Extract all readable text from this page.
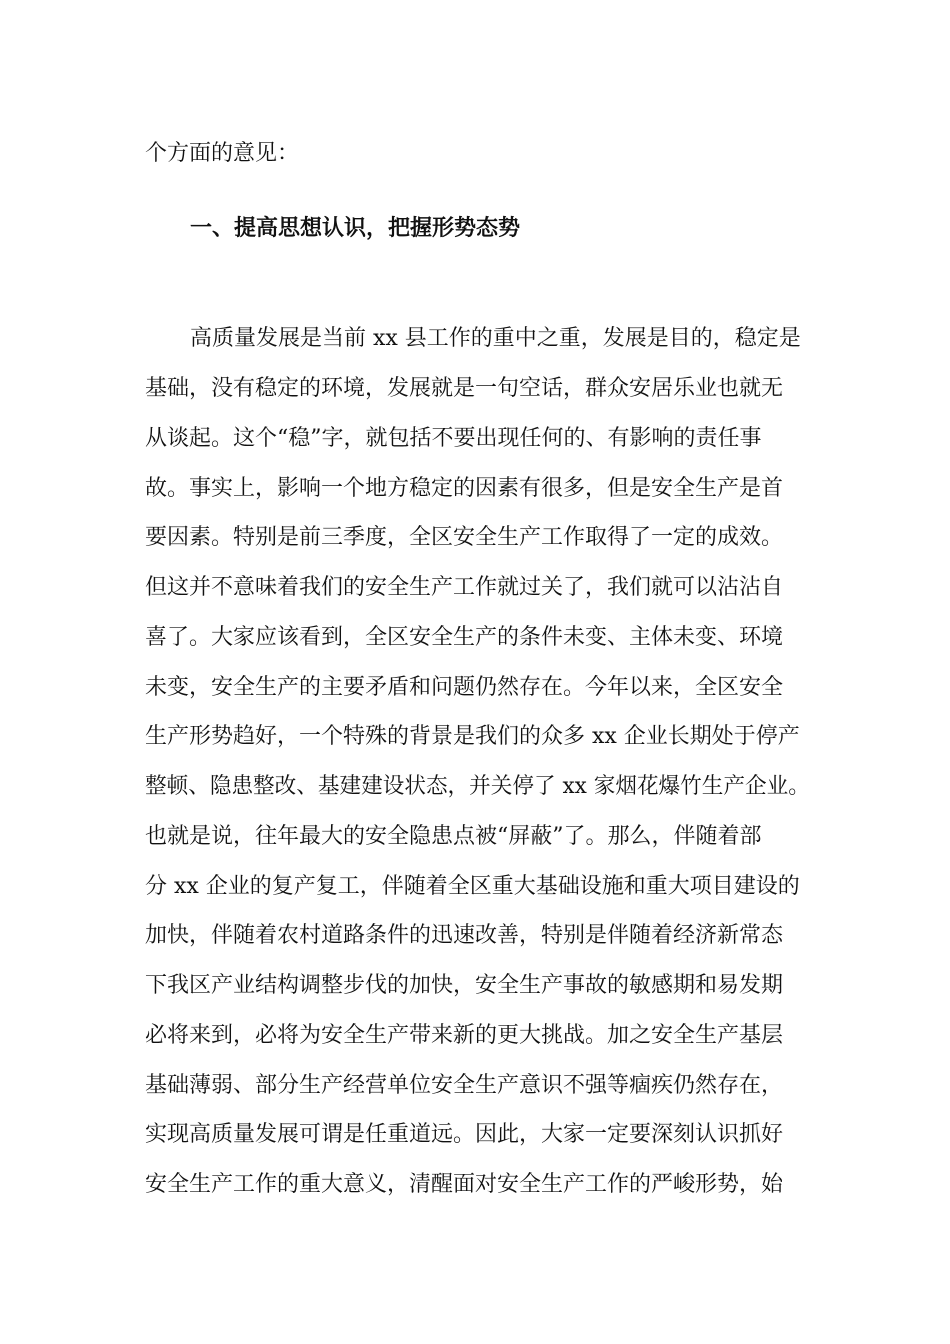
个方面的意见：
一、提高思想认识，把握形势态势
高质量发展是当前 xx 县工作的重中之重，发展是目的，稳定是
基础，没有稳定的环境，发展就是一句空话，群众安居乐业也就无
从谈起。这个“稳”字，就包括不要出现任何的、有影响的责任事
故。事实上，影响一个地方稳定的因素有很多，但是安全生产是首
要因素。特别是前三季度，全区安全生产工作取得了一定的成效。
但这并不意味着我们的安全生产工作就过关了，我们就可以沾沾自
喜了。大家应该看到，全区安全生产的条件未变、主体未变、环境
未变，安全生产的主要矛盾和问题仍然存在。今年以来，全区安全
生产形势趋好，一个特殊的背景是我们的众多 xx 企业长期处于停产
整顿、隐患整改、基建建设状态，并关停了 xx 家烟花爆竹生产企业。
也就是说，往年最大的安全隐患点被“屏蔽”了。那么，伴随着部
分 xx 企业的复产复工，伴随着全区重大基础设施和重大项目建设的
加快，伴随着农村道路条件的迅速改善，特别是伴随着经济新常态
下我区产业结构调整步伐的加快，安全生产事故的敏感期和易发期
必将来到，必将为安全生产带来新的更大挑战。加之安全生产基层
基础薄弱、部分生产经营单位安全生产意识不强等痼疾仍然存在，
实现高质量发展可谓是任重道远。因此，大家一定要深刻认识抓好
安全生产工作的重大意义，清醒面对安全生产工作的严峻形势，始
